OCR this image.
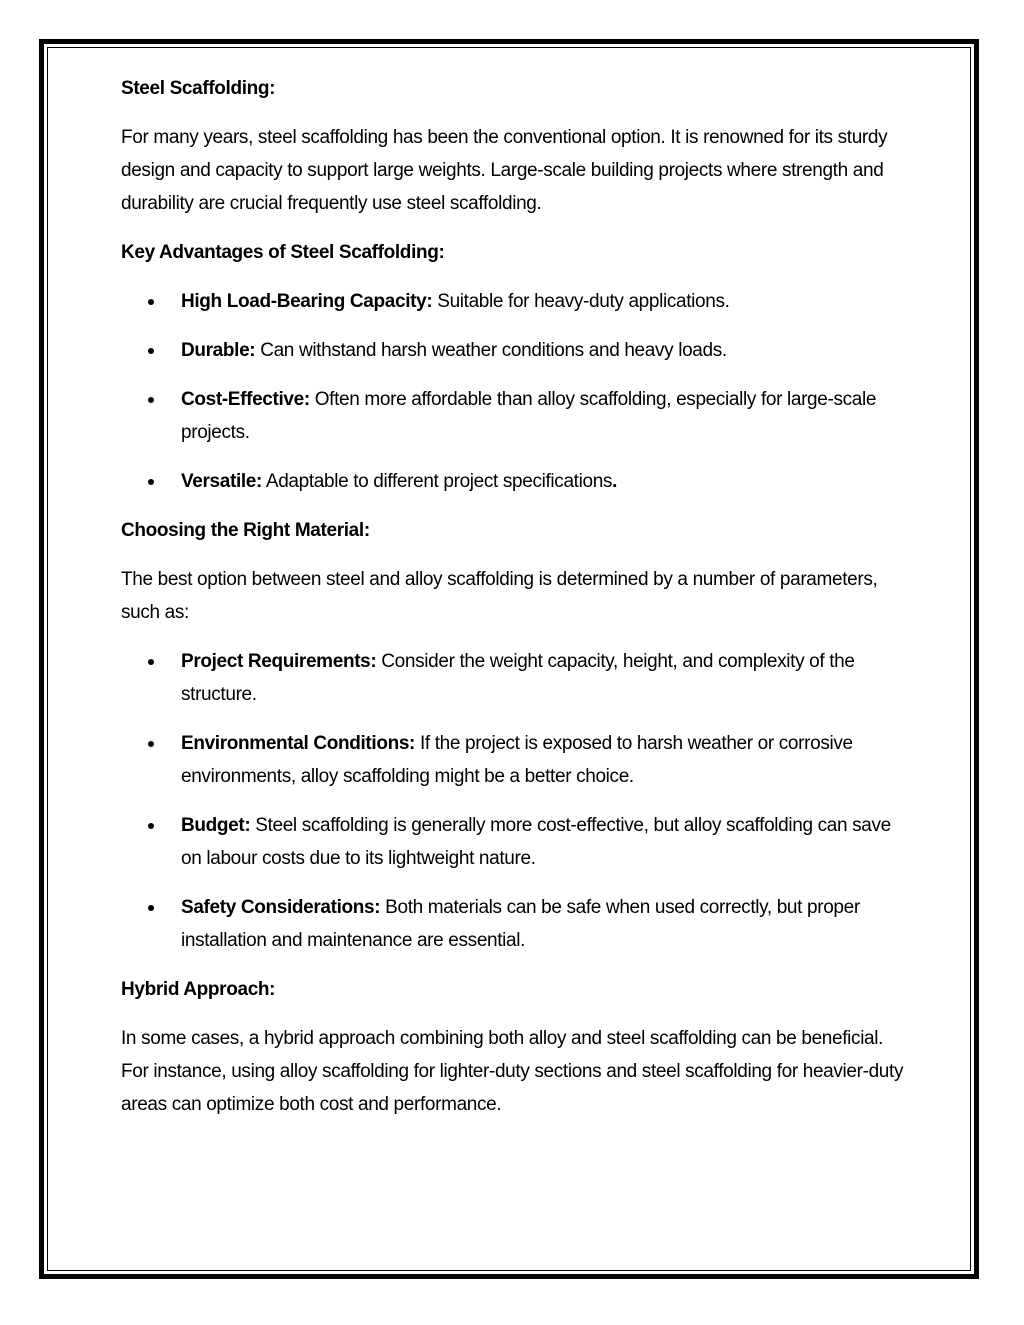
Steel Scaffolding:
For many years, steel scaffolding has been the conventional option. It is renowned for its sturdy design and capacity to support large weights. Large-scale building projects where strength and durability are crucial frequently use steel scaffolding.
Key Advantages of Steel Scaffolding:
High Load-Bearing Capacity: Suitable for heavy-duty applications.
Durable: Can withstand harsh weather conditions and heavy loads.
Cost-Effective: Often more affordable than alloy scaffolding, especially for large-scale projects.
Versatile: Adaptable to different project specifications.
Choosing the Right Material:
The best option between steel and alloy scaffolding is determined by a number of parameters, such as:
Project Requirements: Consider the weight capacity, height, and complexity of the structure.
Environmental Conditions: If the project is exposed to harsh weather or corrosive environments, alloy scaffolding might be a better choice.
Budget: Steel scaffolding is generally more cost-effective, but alloy scaffolding can save on labour costs due to its lightweight nature.
Safety Considerations: Both materials can be safe when used correctly, but proper installation and maintenance are essential.
Hybrid Approach:
In some cases, a hybrid approach combining both alloy and steel scaffolding can be beneficial. For instance, using alloy scaffolding for lighter-duty sections and steel scaffolding for heavier-duty areas can optimize both cost and performance.
